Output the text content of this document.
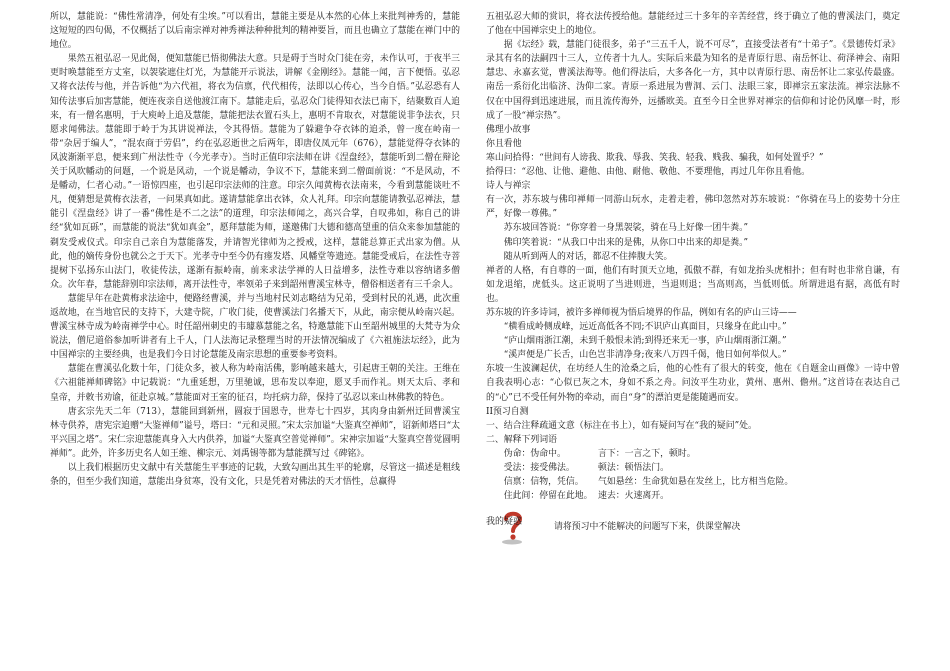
所以，慧能说：“佛性常清净，何处有尘埃。”可以看出，慧能主要是从本然的心体上来批判神秀的，慧能这短短的四句偈，不仅概括了以后南宗禅对神秀禅法种种批判的精神要旨，而且也确立了慧能在禅门中的地位。

果然五祖弘忍一见此偈，便知慧能已悟彻佛法大意。只是碍于当时众门徒在旁，未作认可，于夜半三更时唤慧能至方丈室，以袈裟遮住灯光，为慧能开示说法，讲解《金刚经》。慧能一闻，言下便悟。弘忍又将衣法传与他，并告诉他“为六代祖，将衣为信禀，代代相传，法即以心传心，当今自悟。”弘忍恐有人知传法事后加害慧能，便连夜亲自送他渡江南下。慧能走后，弘忍众门徒得知衣法已南下，结聚数百人追来，有一僧名惠明，于大庾岭上追及慧能，慧能把法衣置石头上，惠明不肯取衣，对慧能说非争法衣，只愿求闻佛法。慧能即于岭于为其讲说禅法，令其得悟。慧能为了躲避争夺衣钵的追杀，曾一度在岭南一带“杂居于编人”，“混农商于劳侣”，约在弘忍逝世之后两年，即唐仪凤元年（676），慧能觉得夺衣钵的风波渐渐平息，便来到广州法性寺（今光孝寺）。当时正值印宗法师在讲《涅盘经》，慧能听到二僧在辩论关于风吹幡动的问题，一个说是风动，一个说是幡动，争议不下，慧能来到二僧面前说：“不是风动，不是幡动，仁者心动。”一语惊四座，也引起印宗法师的注意。印宗久闻黄梅衣法南来，今看到慧能谈吐不凡，便猜想是黄梅衣法者，一问果真如此。遂请慧能拿出衣钵，众人礼拜。印宗向慧能请教弘忍禅法，慧能引《涅盘经》讲了一番“佛性是不二之法”的道理，印宗法师闻之，高兴合掌，自叹弗如，称自己的讲经“犹如瓦砾”，而慧能的说法“犹如真金”，愿拜慧能为师，遂邀佛门大德和德高望重的信众来参加慧能的剃发受戒仪式。印宗自己亲自为慧能落发，并请智光律师为之授戒，这样，慧能总算正式出家为僧。从此，他的嫡传身份也就公之于天下。光孝寺中至今仍有瘗发塔、风幡堂等遗迹。慧能受戒后，在法性寺菩提树下弘扬东山法门，收徒传法，遂渐有振岭南，前来求法学禅的人日益增多，法性寺难以容纳诸多僧众。次年春，慧能辞别印宗法师，离开法性寺，率领弟子来到韶州曹溪宝林寺，僧俗相送者有三千余人。

慧能早年在赴黄梅求法途中，便路经曹溪，并与当地村民刘志略结为兄弟，受到村民的礼遇，此次重返故地，在当地官民的支持下，大建寺院，广收门徒，使曹溪法门名播天下，从此，南宗便从岭南兴起。曹溪宝林寺成为岭南禅学中心。时任韶州刺史的韦璩慕慧能之名，特邀慧能下山至韶州城里的大梵寺为众说法，僧尼道俗参加听讲者有上千人，门人法海记录整理当时的开法情况编成了《六祖施法坛经》，此为中国禅宗的主要经典，也是我们今日讨论慧能及南宗思想的重要参考资料。

慧能在曹溪弘化数十年，门徒众多，被人称为岭南活佛，影响越来越大，引起唐王朝的关注。王维在《六祖能禅师碑铭》中记载说：“九重延想，万里驰诚，思布发以奉迎，愿叉手而作礼。则天太后、孝和皇帝，并敕书劝谕，征赴京城。”慧能面对王室的征召，均托病力辞，保持了弘忍以来山林佛教的特色。

唐玄宗先天二年（713），慧能回到新州，圆寂于国恩寺，世寿七十四岁，其肉身由新州迁回曹溪宝林寺供养，唐宪宗追赠“大鉴禅师”谥号，塔曰：“元和灵照。”宋太宗加谥“大鉴真空禅师”，诏新师塔曰“太平兴国之塔”。宋仁宗迎慧能真身入大内供养，加谥“大鉴真空普觉禅师”。宋神宗加谥“大鉴真空普觉圆明禅师”。此外，许多历史名人如王维、柳宗元、刘禹锡等都为慧能撰写过《碑铭》。

以上我们根据历史文献中有关慧能生平事迹的记载，大致勾画出其生平的轮廓，尽管这一描述是粗线条的，但至少我们知道，慧能出身贫寒，没有文化，只是凭着对佛法的天才悟性，总赢得

五祖弘忍大师的赏识，将衣法传授给他。慧能经过三十多年的辛苦经营，终于确立了他的曹溪法门，奠定了他在中国禅宗史上的地位。

据《坛经》载，慧能门徒很多，弟子“三五千人，说不可尽”，直接受法者有“十弟子”。《景德传灯录》录其有名的法嗣四十三人，立传者十九人。实际后来最为知名的是青原行思、南岳怀让、荷泽神会、南阳慧忠、永嘉玄觉，曹溪法海等。他们得法后，大多各化一方，其中以青原行思、南岳怀让二家弘传最盛。南岳一系衍化出临济、沩仰二家。青原一系进展为曹洞、云门、法眼三家，即禅宗五家法流。禅宗法脉不仅在中国得到迅速进展，而且流传海外，远播欧美。直至今日全世界对禅宗的信仰和讨论仍风靡一时，形成了一股“禅宗热”。

佛理小故事

你且看他

寒山问拾得：“世间有人谤我、欺我、辱我、笑我、轻我、贱我、骗我，如何处置乎？”

拾得曰：“忍他、让他、避他、由他、耐他、敬他、不要理他，再过几年你且看他。

诗人与禅宗

有一次，苏东坡与佛印禅师一同游山玩水，走着走着，佛印忽然对苏东坡说：“你骑在马上的姿势十分庄严，好像一尊佛。”

苏东坡回答说：“你穿着一身黑袈裟，骑在马上好像一团牛粪。”

佛印笑着说：“从我口中出来的是佛，从你口中出来的却是粪。”

随从听到两人的对话，都忍不住捧腹大笑。

禅者的人格，有自尊的一面，他们有时顶天立地，孤傲不群，有如龙抬头虎相扑；但有时也非常自谦，有如龙退缩，虎低头。这正说明了当进则进，当退则退；当高则高，当低则低。所谓进退有据，高低有时也。

苏东坡的许多诗词，被许多禅师视为悟后境界的作品，例如有名的庐山三诗——

“横看成岭侧成峰，远近高低各不同;不识庐山真面目，只缘身在此山中。”

“庐山烟雨浙江潮，未到千般恨未消;到得还来无一事，庐山烟雨浙江潮。”

“溪声便是广长舌，山色岂非清净身;夜来八万四千偈，他日如何举似人。”

东坡一生波澜起伏，在坊经人生的沧桑之后，他的心性有了很大的转变，他在《自题金山画像》一诗中曾自我表明心志：“心似已灰之木，身如不系之舟。问汝平生功业，黄州、惠州、儋州。”这首诗在表达自己的“心”已不受任何外物的牵动，而自“身”的漂泊更是能随遇而安。

II预习自测

一、结合注释疏通文意（标注在书上），如有疑问写在“我的疑问”处。

二、解释下列词语

伪命：伪命中。	言下：一言之下，顿时。
受法：接受佛法。	顿法：顿悟法门。
信禀：信物，凭信。	气如悬丝：生命犹如悬在发丝上，比方相当危险。
住此间：停留在此地。 速去：火速离开。
我的疑惑	请将预习中不能解决的问题写下来，供课堂解决
